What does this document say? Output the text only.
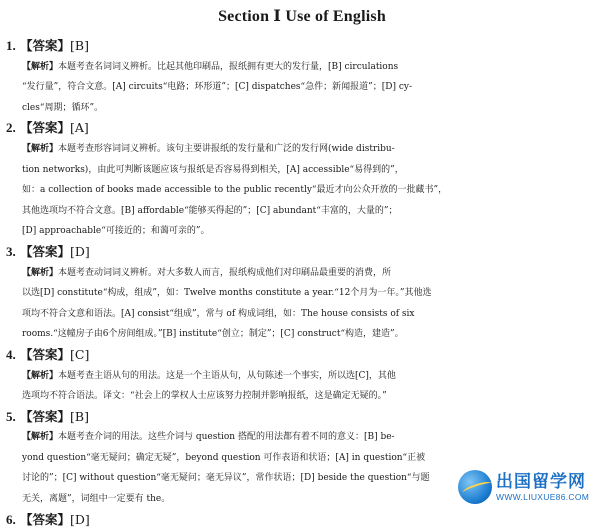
Section Ⅰ Use of English
1. 【答案】[B]
【解析】本题考查名词词义辨析。比起其他印刷品，报纸拥有更大的发行量，[B] circulations
“发行量”，符合文意。[A] circuits“电路；环形道”；[C] dispatches“急件；新闻报道”；[D] cy-
cles“周期；循环”。
2. 【答案】[A]
【解析】本题考查形容词词义辨析。该句主要讲报纸的发行量和广泛的发行网(wide distribu-
tion networks)，由此可判断该题应该与报纸是否容易得到相关，[A] accessible“易得到的”，
如：a collection of books made accessible to the public recently“最近才向公众开放的一批藏书”，
其他选项均不符合文意。[B] affordable“能够买得起的”；[C] abundant“丰富的，大量的”；
[D] approachable“可接近的；和蔼可亲的”。
3. 【答案】[D]
【解析】本题考查动词词义辨析。对大多数人而言，报纸构成他们对印刷品最重要的消费，所
以选[D] constitute“构成，组成”，如：Twelve months constitute a year.“12个月为一年。”其他选
项均不符合文意和语法。[A] consist“组成”，常与 of 构成词组，如：The house consists of six
rooms.“这幢房子由6个房间组成。”[B] institute“创立；制定”；[C] construct“构造，建造”。
4. 【答案】[C]
【解析】本题考查主语从句的用法。这是一个主语从句，从句陈述一个事实，所以选[C]，其他
选项均不符合语法。译文：“社会上的掌权人士应该努力控制并影响报纸，这是确定无疑的。”
5. 【答案】[B]
【解析】本题考查介词的用法。这些介词与 question 搭配的用法都有着不同的意义：[B] be-
yond question“毫无疑问；确定无疑”，beyond question 可作表语和状语；[A] in question“正被
讨论的”；[C] without question“毫无疑问；毫无异议”，常作状语；[D] beside the question“与题
无关，离题”，词组中一定要有 the。
6. 【答案】[D]
出国留学网
WWW.LIUXUE86.COM
